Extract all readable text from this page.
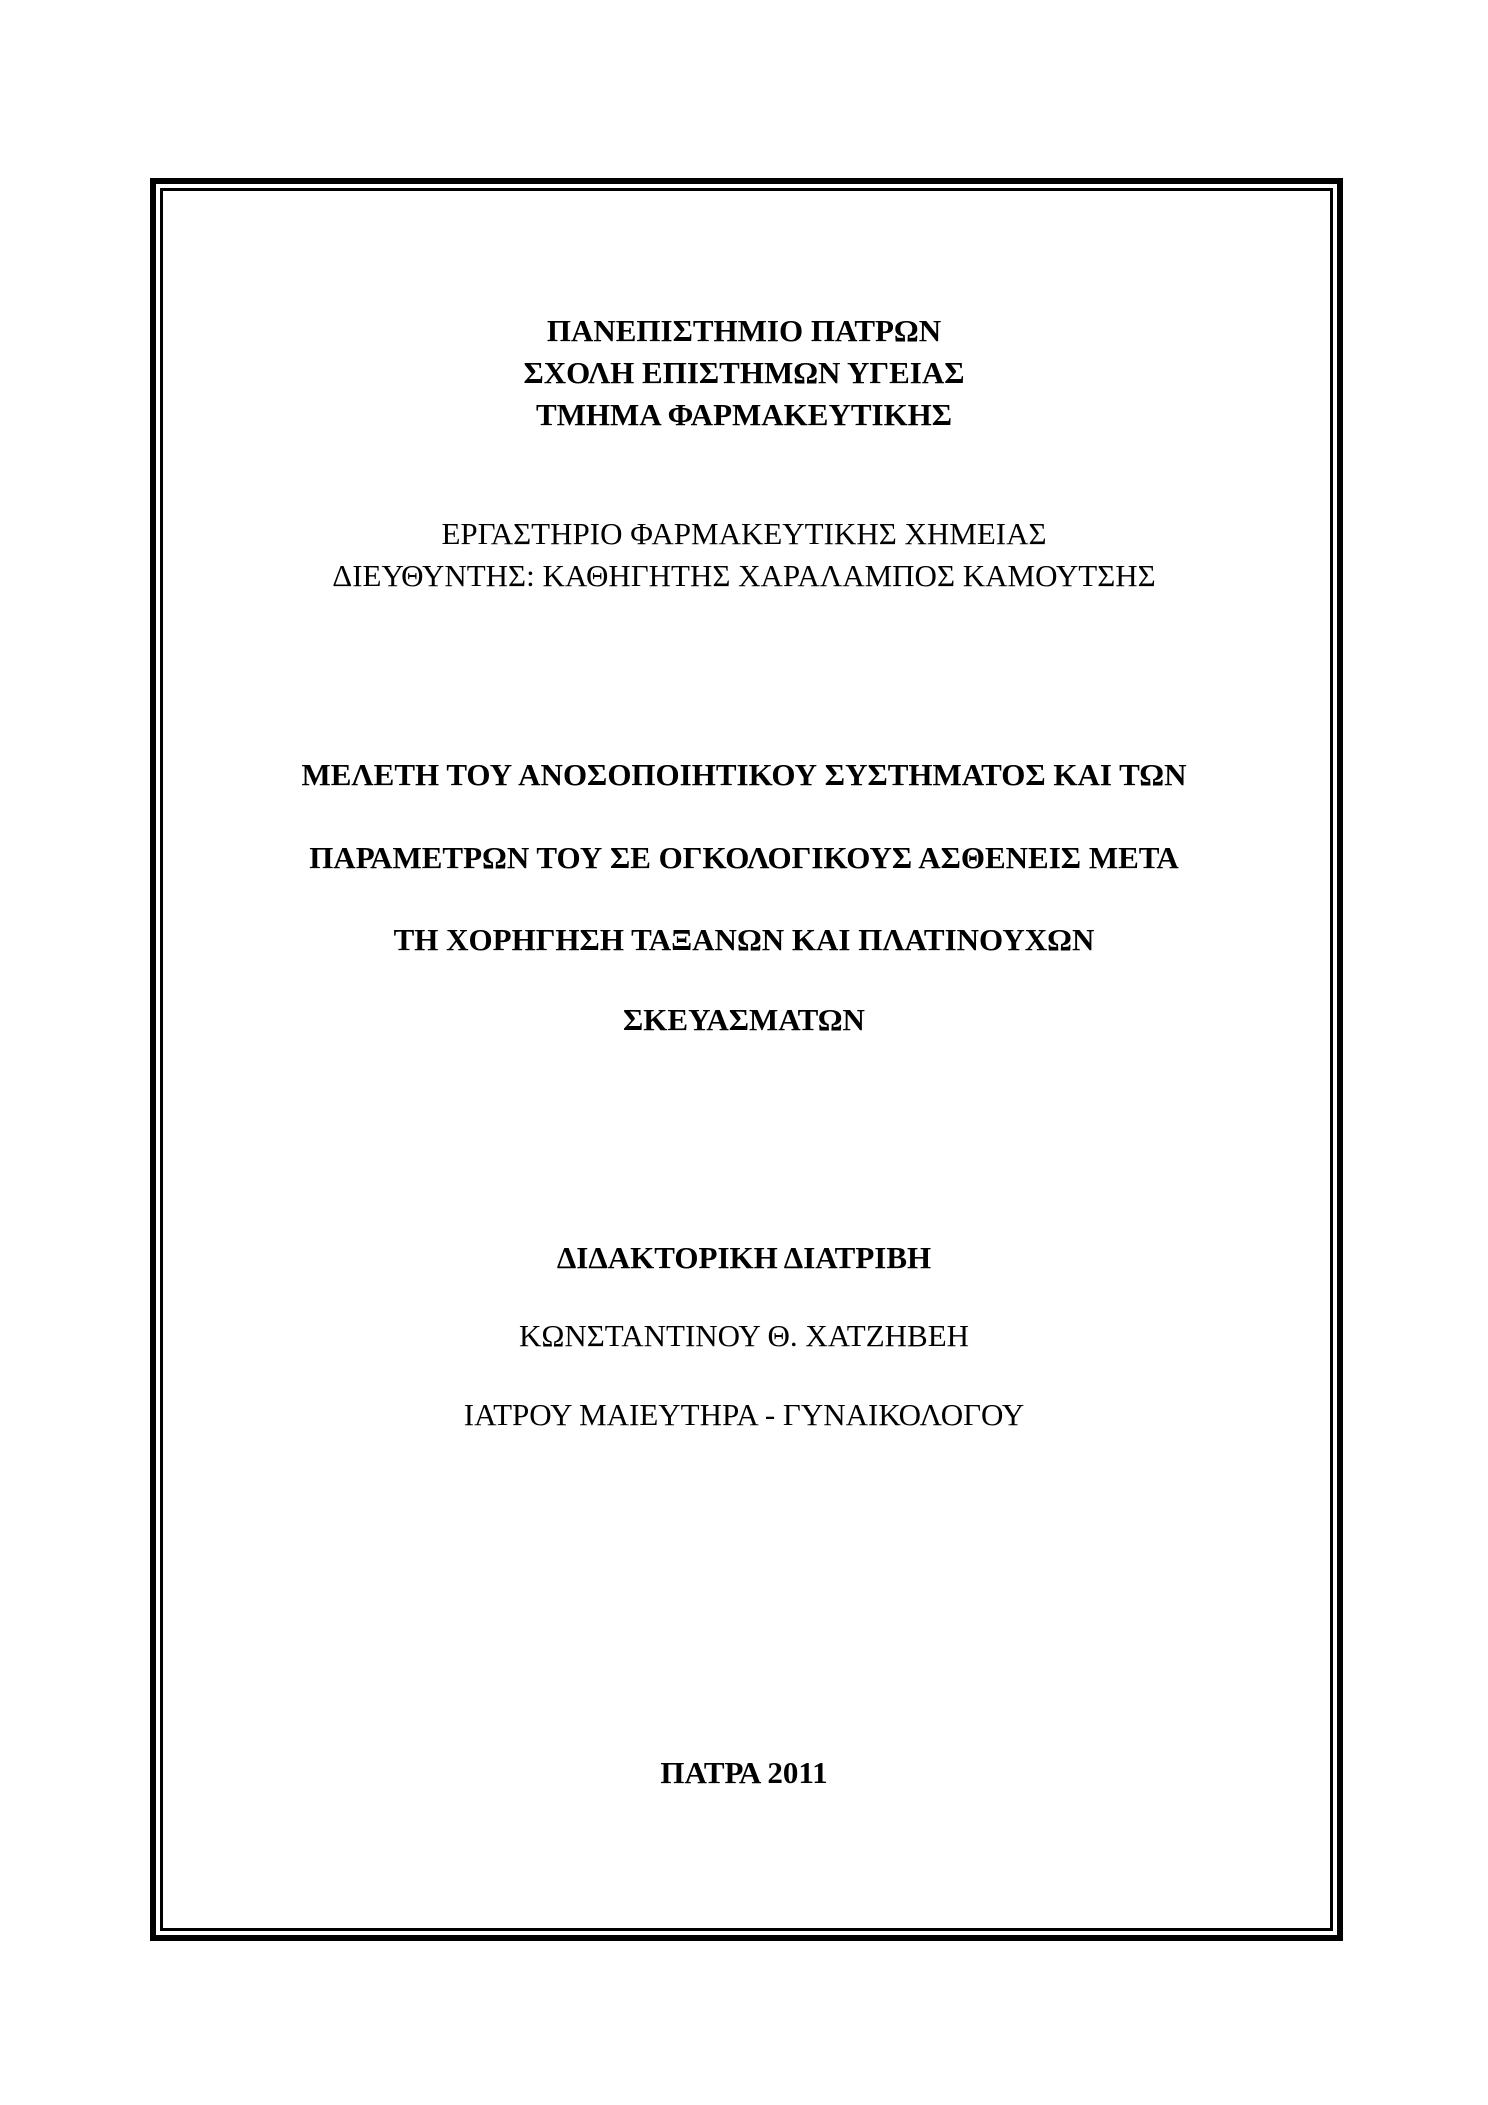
ΠΑΝΕΠΙΣΤΗΜΙΟ ΠΑΤΡΩΝ
ΣΧΟΛΗ ΕΠΙΣΤΗΜΩΝ ΥΓΕΙΑΣ
ΤΜΗΜΑ ΦΑΡΜΑΚΕΥΤΙΚΗΣ
ΕΡΓΑΣΤΗΡΙΟ ΦΑΡΜΑΚΕΥΤΙΚΗΣ ΧΗΜΕΙΑΣ
ΔΙΕΥΘΥΝΤΗΣ: ΚΑΘΗΓΗΤΗΣ ΧΑΡΑΛΑΜΠΟΣ ΚΑΜΟΥΤΣΗΣ
ΜΕΛΕΤΗ ΤΟΥ ΑΝΟΣΟΠΟΙΗΤΙΚΟΥ ΣΥΣΤΗΜΑΤΟΣ ΚΑΙ ΤΩΝ
ΠΑΡΑΜΕΤΡΩΝ ΤΟΥ ΣΕ ΟΓΚΟΛΟΓΙΚΟΥΣ ΑΣΘΕΝΕΙΣ ΜΕΤΑ
ΤΗ ΧΟΡΗΓΗΣΗ ΤΑΞΑΝΩΝ ΚΑΙ ΠΛΑΤΙΝΟΥΧΩΝ
ΣΚΕΥΑΣΜΑΤΩΝ
ΔΙΔΑΚΤΟΡΙΚΗ ΔΙΑΤΡΙΒΗ
ΚΩΝΣΤΑΝΤΙΝΟΥ Θ. ΧΑΤΖΗΒΕΗ
ΙΑΤΡΟΥ ΜΑΙΕΥΤΗΡΑ - ΓΥΝΑΙΚΟΛΟΓΟΥ
ΠΑΤΡΑ 2011
